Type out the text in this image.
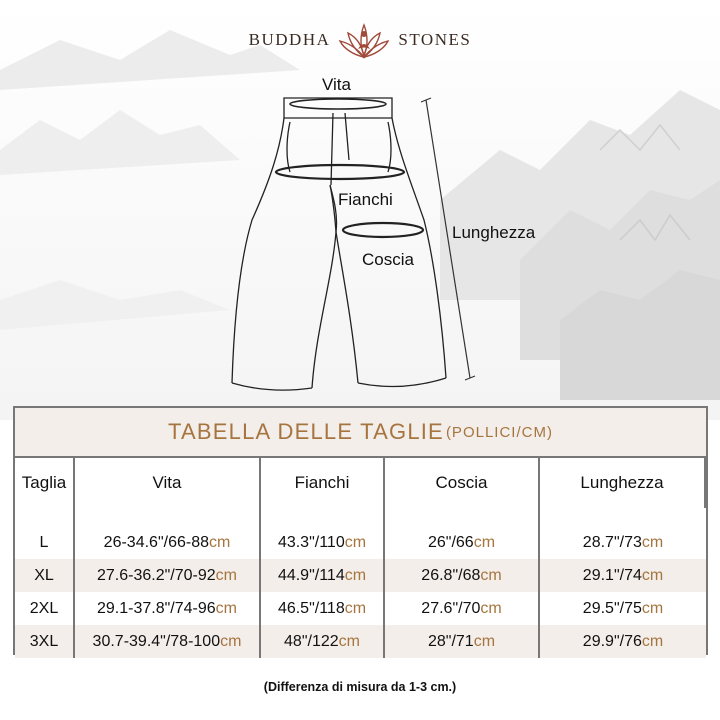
BUDDHA	STONES
Vita
Fianchi
Coscia
Lunghezza
TABELLA DELLE TAGLIE (POLLICI/CM)
Taglia	Vita	Fianchi	Coscia	Lunghezza
L	26-34.6ʺ/66-88 cm	43.3ʺ/110 cm	26ʺ/66 cm	28.7ʺ/73 cm
XL	27.6-36.2ʺ/70-92 cm	44.9ʺ/114 cm	26.8ʺ/68 cm	29.1ʺ/74 cm
2XL	29.1-37.8ʺ/74-96 cm	46.5ʺ/118 cm	27.6ʺ/70 cm	29.5ʺ/75 cm
3XL	30.7-39.4ʺ/78-100 cm	48ʺ/122 cm	28ʺ/71 cm	29.9ʺ/76 cm
(Differenza di misura da 1-3 cm.)
